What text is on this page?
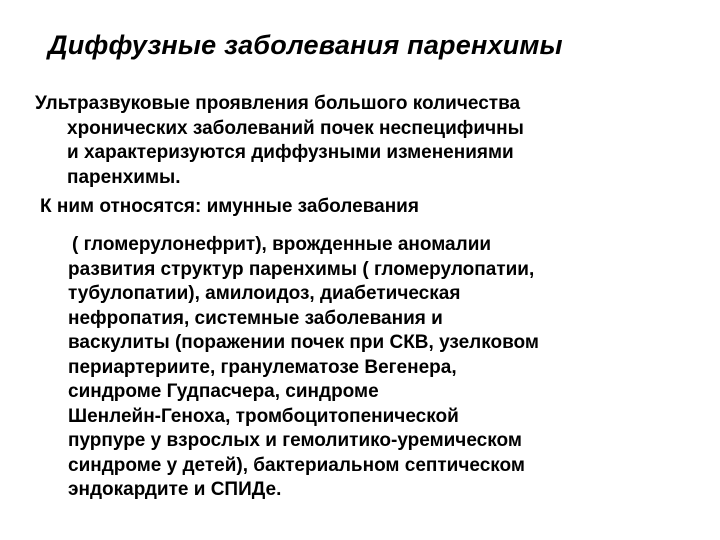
Диффузные заболевания паренхимы
Ультразвуковые проявления большого количества
хронических заболеваний почек неспецифичны
и характеризуются диффузными изменениями
паренхимы.
К ним относятся: имунные заболевания
( гломерулонефрит), врожденные аномалии
развития структур паренхимы ( гломерулопатии,
тубулопатии), амилоидоз, диабетическая
нефропатия, системные заболевания и
васкулиты (поражении почек при СКВ, узелковом
периартериите, гранулематозе Вегенера,
синдроме Гудпасчера, синдроме
Шенлейн-Геноха, тромбоцитопенической
пурпуре у взрослых и гемолитико-уремическом
синдроме у детей), бактериальном септическом
эндокардите и СПИДе.
